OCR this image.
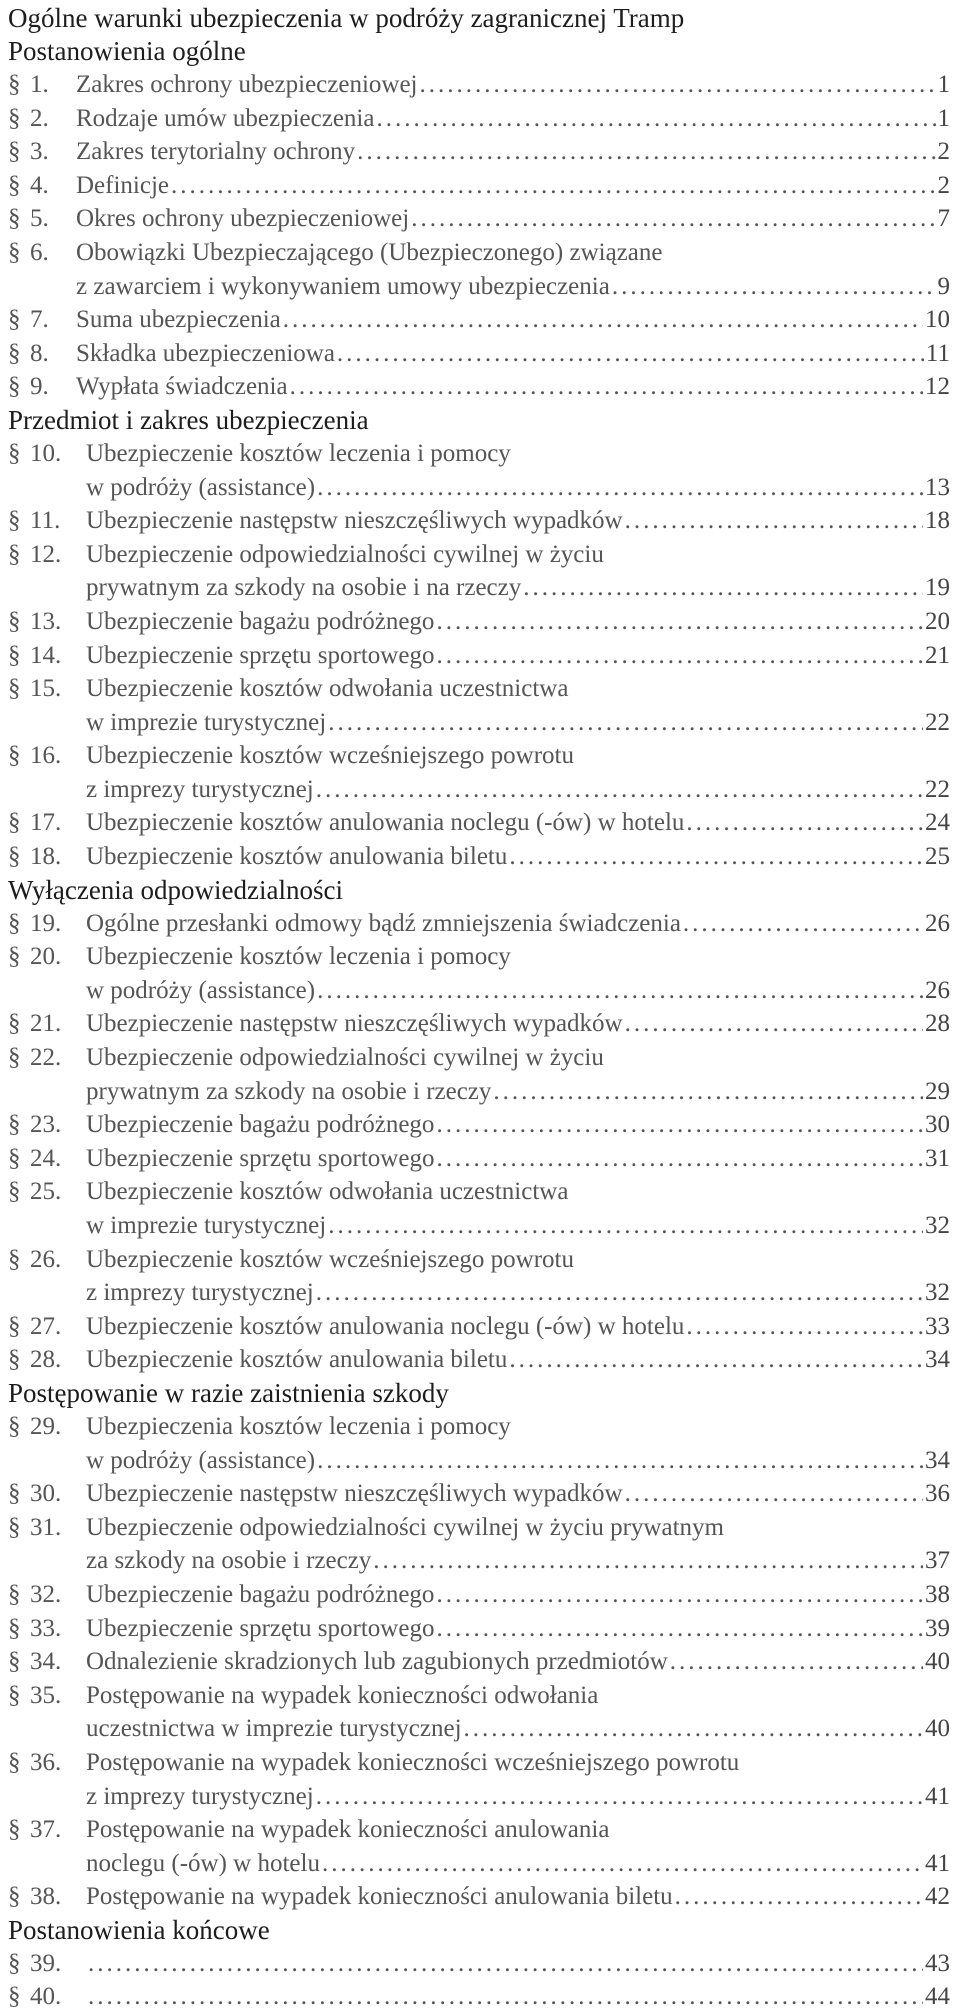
Ogólne warunki ubezpieczenia w podróży zagranicznej Tramp
Postanowienia ogólne
§ 1.	Zakres ochrony ubezpieczeniowej .....	1
§ 2.	Rodzaje umów ubezpieczenia .....	1
§ 3.	Zakres terytorialny ochrony .....	2
§ 4.	Definicje .....	2
§ 5.	Okres ochrony ubezpieczeniowej .....	7
§ 6.	Obowiązki Ubezpieczającego (Ubezpieczonego) związane
z zawarciem i wykonywaniem umowy ubezpieczenia .....	9
§ 7.	Suma ubezpieczenia .....	10
§ 8.	Składka ubezpieczeniowa .....	11
§ 9.	Wypłata świadczenia .....	12
Przedmiot i zakres ubezpieczenia
§ 10. Ubezpieczenie kosztów leczenia i pomocy
w podróży (assistance) .....	13
§ 11.	Ubezpieczenie następstw nieszczęśliwych wypadków .....	18
§ 12. Ubezpieczenie odpowiedzialności cywilnej w życiu
prywatnym za szkody na osobie i na rzeczy .....	19
§ 13. Ubezpieczenie bagażu podróżnego .....	20
§ 14. Ubezpieczenie sprzętu sportowego .....	21
§ 15. Ubezpieczenie kosztów odwołania uczestnictwa
w imprezie turystycznej .....	22
§ 16. Ubezpieczenie kosztów wcześniejszego powrotu
z imprezy turystycznej .....	22
§ 17. Ubezpieczenie kosztów anulowania noclegu (-ów) w hotelu .....	24
§ 18. Ubezpieczenie kosztów anulowania biletu .....	25
Wyłączenia odpowiedzialności
§ 19. Ogólne przesłanki odmowy bądź zmniejszenia świadczenia .....	26
§ 20. Ubezpieczenie kosztów leczenia i pomocy
w podróży (assistance) .....	26
§ 21. Ubezpieczenie następstw nieszczęśliwych wypadków .....	28
§ 22. Ubezpieczenie odpowiedzialności cywilnej w życiu
prywatnym za szkody na osobie i rzeczy .....	29
§ 23. Ubezpieczenie bagażu podróżnego .....	30
§ 24. Ubezpieczenie sprzętu sportowego .....	31
§ 25. Ubezpieczenie kosztów odwołania uczestnictwa
w imprezie turystycznej .....	32
§ 26. Ubezpieczenie kosztów wcześniejszego powrotu
z imprezy turystycznej .....	32
§ 27. Ubezpieczenie kosztów anulowania noclegu (-ów) w hotelu .....	33
§ 28. Ubezpieczenie kosztów anulowania biletu .....	34
Postępowanie w razie zaistnienia szkody
§ 29. Ubezpieczenia kosztów leczenia i pomocy
w podróży (assistance) .....	34
§ 30. Ubezpieczenie następstw nieszczęśliwych wypadków .....	36
§ 31. Ubezpieczenie odpowiedzialności cywilnej w życiu prywatnym
za szkody na osobie i rzeczy .....	37
§ 32. Ubezpieczenie bagażu podróżnego .....	38
§ 33. Ubezpieczenie sprzętu sportowego .....	39
§ 34. Odnalezienie skradzionych lub zagubionych przedmiotów .....	40
§ 35. Postępowanie na wypadek konieczności odwołania
uczestnictwa w imprezie turystycznej .....	40
§ 36. Postępowanie na wypadek konieczności wcześniejszego powrotu
z imprezy turystycznej .....	41
§ 37. Postępowanie na wypadek konieczności anulowania
noclegu (-ów) w hotelu .....	41
§ 38. Postępowanie na wypadek konieczności anulowania biletu .....	42
Postanowienia końcowe
§ 39. .....	43
§ 40. .....	44
